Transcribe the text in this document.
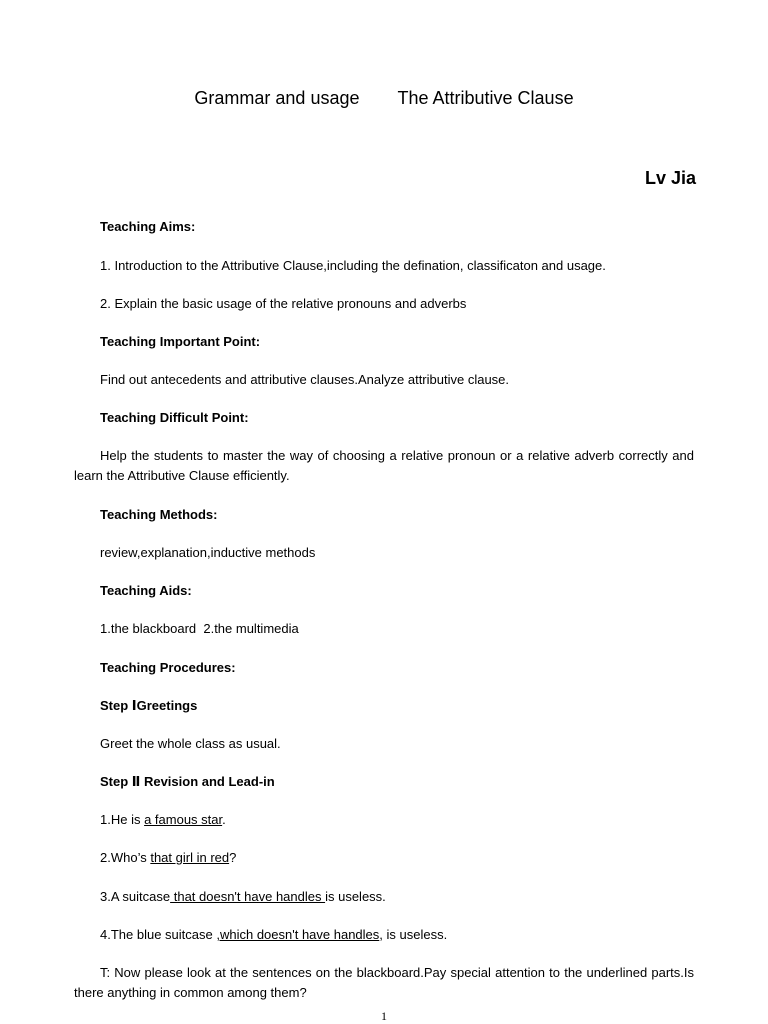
Grammar and usage The Attributive Clause
Lv Jia
Teaching Aims:
1. Introduction to the Attributive Clause,including the defination, classificaton and usage.
2. Explain the basic usage of the relative pronouns and adverbs
Teaching Important Point:
Find out antecedents and attributive clauses.Analyze attributive clause.
Teaching Difficult Point:
Help the students to master the way of choosing a relative pronoun or a relative adverb correctly and learn the Attributive Clause efficiently.
Teaching Methods:
review,explanation,inductive methods
Teaching Aids:
1.the blackboard  2.the multimedia
Teaching Procedures:
Step ⅠGreetings
Greet the whole class as usual.
Step Ⅱ Revision and Lead-in
1.He is a famous star.
2.Who’s that girl in red?
3.A suitcase that doesn't have handles is useless.
4.The blue suitcase ,which doesn't have handles, is useless.
T: Now please look at the sentences on the blackboard.Pay special attention to the underlined parts.Is there anything in common among them?
1
